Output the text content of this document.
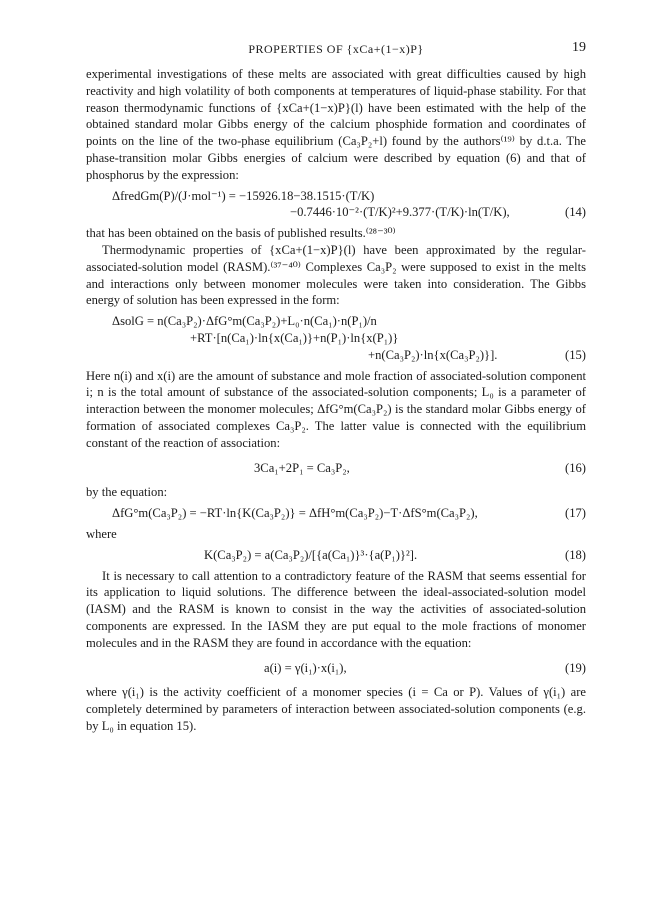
PROPERTIES OF {xCa+(1−x)P}	19

experimental investigations of these melts are associated with great difficulties caused by high reactivity and high volatility of both components at temperatures of liquid-phase stability. For that reason thermodynamic functions of {xCa+(1−x)P}(l) have been estimated with the help of the obtained standard molar Gibbs energy of the calcium phosphide formation and coordinates of points on the line of the two-phase equilibrium (Ca₃P₂+l) found by the authors⁽¹⁹⁾ by d.t.a. The phase-transition molar Gibbs energies of calcium were described by equation (6) and that of phosphorus by the expression:

ΔfredGm(P)/(J·mol⁻¹) = −15926.18−38.1515·(T/K)
−0.7446·10⁻²·(T/K)²+9.377·(T/K)·ln(T/K),	(14)

that has been obtained on the basis of published results.⁽²⁸⁻³⁰⁾

Thermodynamic properties of {xCa+(1−x)P}(l) have been approximated by the regular-associated-solution model (RASM).⁽³⁷⁻⁴⁰⁾ Complexes Ca₃P₂ were supposed to exist in the melts and interactions only between monomer molecules were taken into consideration. The Gibbs energy of solution has been expressed in the form:

ΔsolG = n(Ca₃P₂)·ΔfG°m(Ca₃P₂)+L₀·n(Ca₁)·n(P₁)/n
+RT·[n(Ca₁)·ln{x(Ca₁)}+n(P₁)·ln{x(P₁)}
+n(Ca₃P₂)·ln{x(Ca₃P₂)}].	(15)

Here n(i) and x(i) are the amount of substance and mole fraction of associated-solution component i; n is the total amount of substance of the associated-solution components; L₀ is a parameter of interaction between the monomer molecules; ΔfG°m(Ca₃P₂) is the standard molar Gibbs energy of formation of associated complexes Ca₃P₂. The latter value is connected with the equilibrium constant of the reaction of association:

3Ca₁+2P₁ = Ca₃P₂,	(16)

by the equation:

ΔfG°m(Ca₃P₂) = −RT·ln{K(Ca₃P₂)} = ΔfH°m(Ca₃P₂)−T·ΔfS°m(Ca₃P₂),	(17)

where

K(Ca₃P₂) = a(Ca₃P₂)/[{a(Ca₁)}³·{a(P₁)}²].	(18)

It is necessary to call attention to a contradictory feature of the RASM that seems essential for its application to liquid solutions. The difference between the ideal-associated-solution model (IASM) and the RASM is known to consist in the way the activities of associated-solution components are expressed. In the IASM they are put equal to the mole fractions of monomer molecules and in the RASM they are found in accordance with the equation:

a(i) = γ(i₁)·x(i₁),	(19)

where γ(i₁) is the activity coefficient of a monomer species (i = Ca or P). Values of γ(i₁) are completely determined by parameters of interaction between associated-solution components (e.g. by L₀ in equation 15).
